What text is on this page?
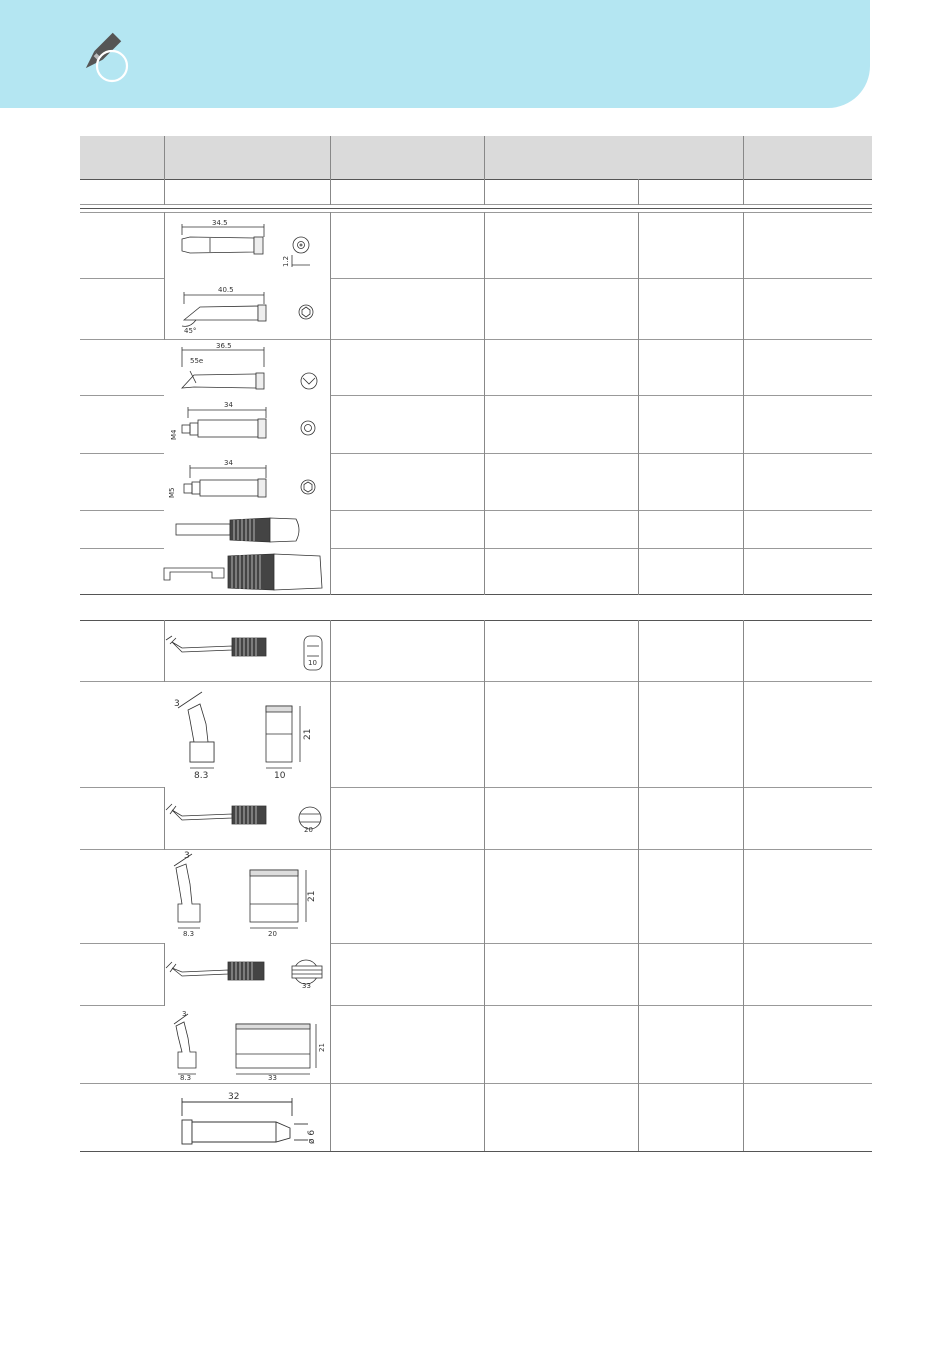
34.5
1.2
40.5
45°
36.5
55e
34
M4
34
M5
10
3
8.3
21
10
20
3
8.3
21
20
33
3
8.3
21
33
32
ø 6
